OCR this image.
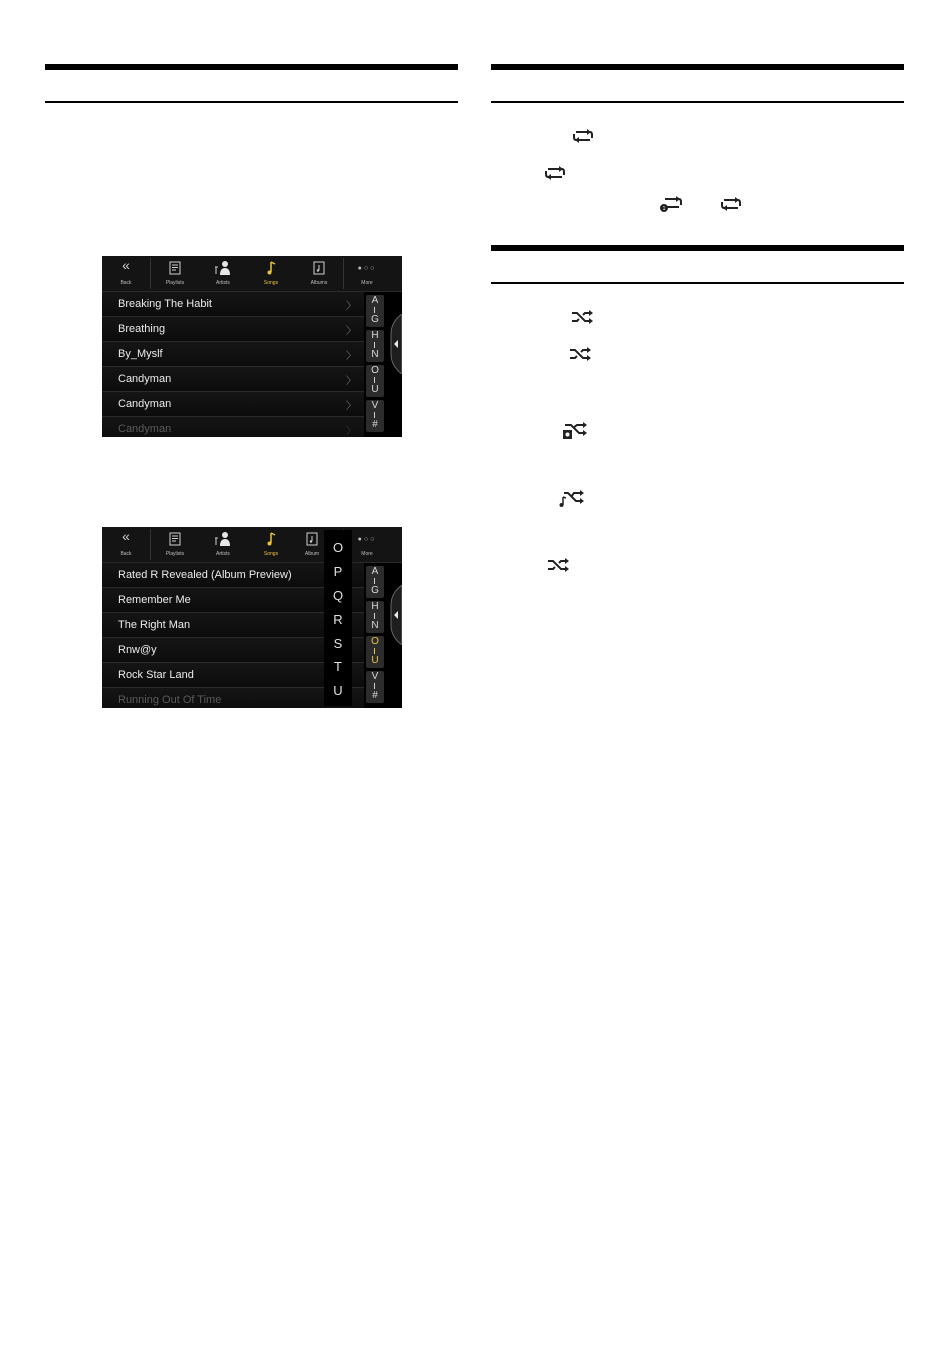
1
«
Back	Playlists	Artists	Songs	Albums
●○○
More
Breaking The Habit	〉
Breathing	〉
By_Myslf	〉
Candyman	〉
Candyman	〉
Candyman	〉
A
G
H
N
O
U
V
#
«
Back	Playlists	Artists	Songs	Album
●○○
More
Rated R Revealed (Album Preview)
Remember Me
The Right Man
Rnw@y
Rock Star Land
Running Out Of Time
O
P
Q
R
S
T
U
A
G
H
N
O
U
V
#
